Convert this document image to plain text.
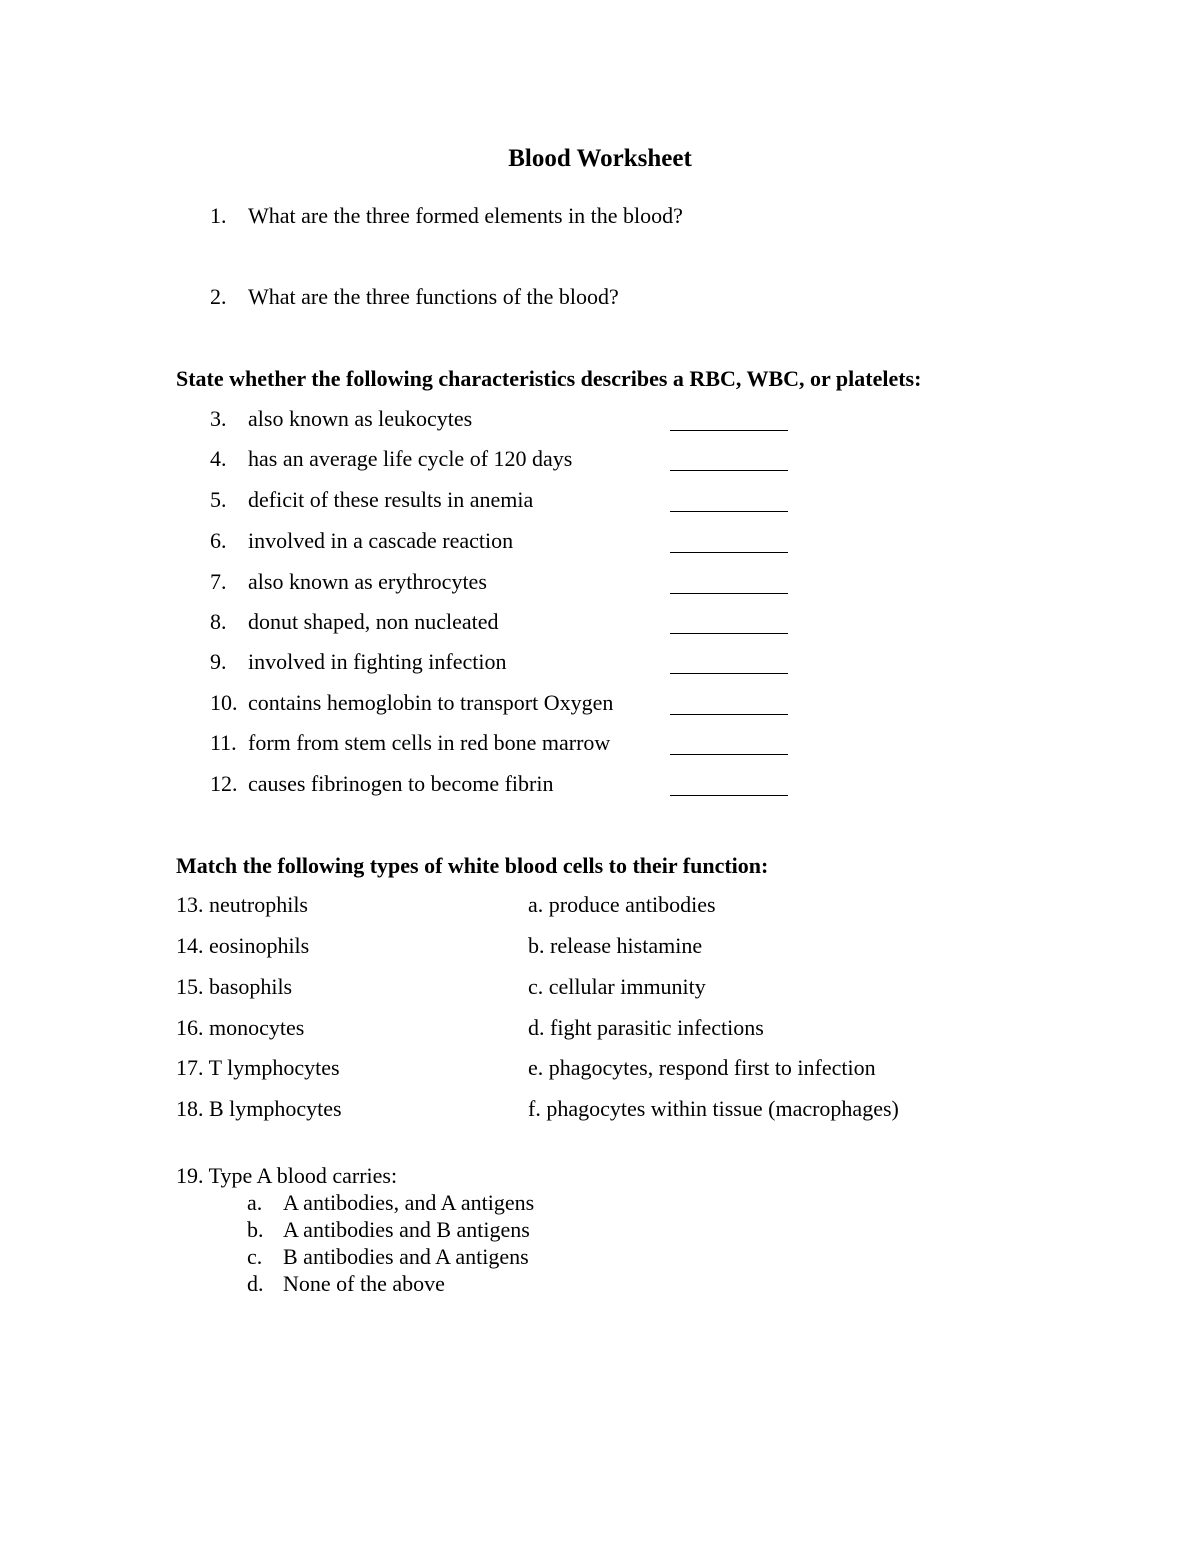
Blood Worksheet
1. What are the three formed elements in the blood?
2. What are the three functions of the blood?
State whether the following characteristics describes a RBC, WBC, or platelets:
3. also known as leukocytes

4. has an average life cycle of 120 days

5. deficit of these results in anemia

6. involved in a cascade reaction

7. also known as erythrocytes

8. donut shaped, non nucleated

9. involved in fighting infection

10. contains hemoglobin to transport Oxygen

11. form from stem cells in red bone marrow

12. causes fibrinogen to become fibrin

Match the following types of white blood cells to their function:
13. neutrophils	a. produce antibodies
14. eosinophils	b. release histamine
15. basophils	c. cellular immunity
16. monocytes	d. fight parasitic infections
17. T lymphocytes	e. phagocytes, respond first to infection
18. B lymphocytes	f. phagocytes within tissue (macrophages)
19. Type A blood carries:
a. A antibodies, and A antigens
b. A antibodies and B antigens
c. B antibodies and A antigens
d. None of the above
